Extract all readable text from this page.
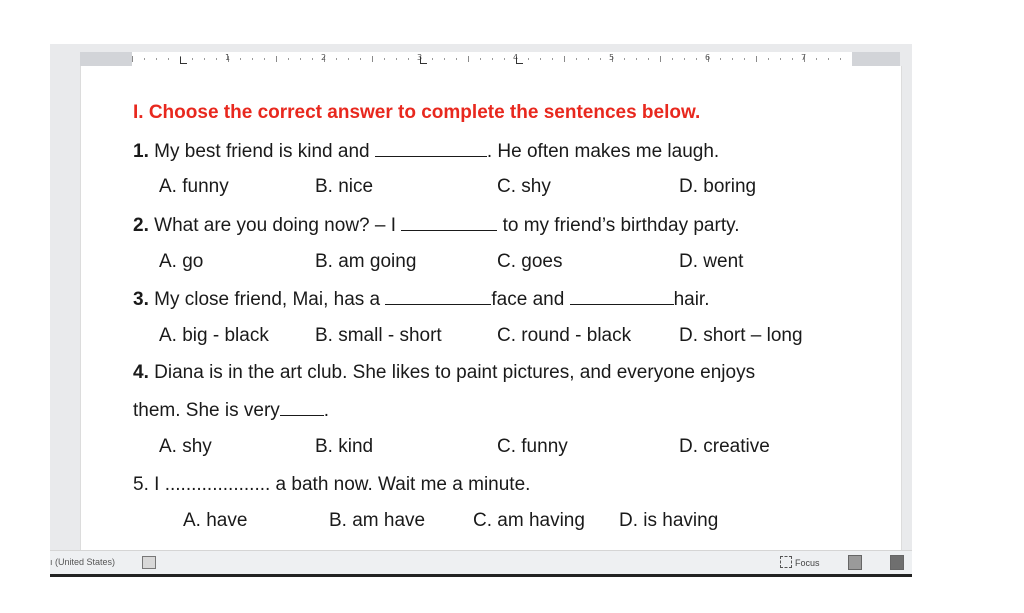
1	2	3	4	5	6	7
I. Choose the correct answer to complete the sentences below.
1. My best friend is kind and	. He often makes me laugh.
A. funny	B. nice	C. shy	D. boring
2. What are you doing now? – I	to my friend’s birthday party.
A. go	B. am going	C. goes	D. went
3. My close friend, Mai, has a	face and	hair.
A. big - black B. small - short	C. round - black	D. short – long
4. Diana is in the art club. She likes to paint pictures, and everyone enjoys
them. She is very .
A. shy	B. kind	C. funny	D. creative
5. I .................... a bath now. Wait me a minute.
A. have	B. am have	C. am having D. is having
ı (United States)	Focus
